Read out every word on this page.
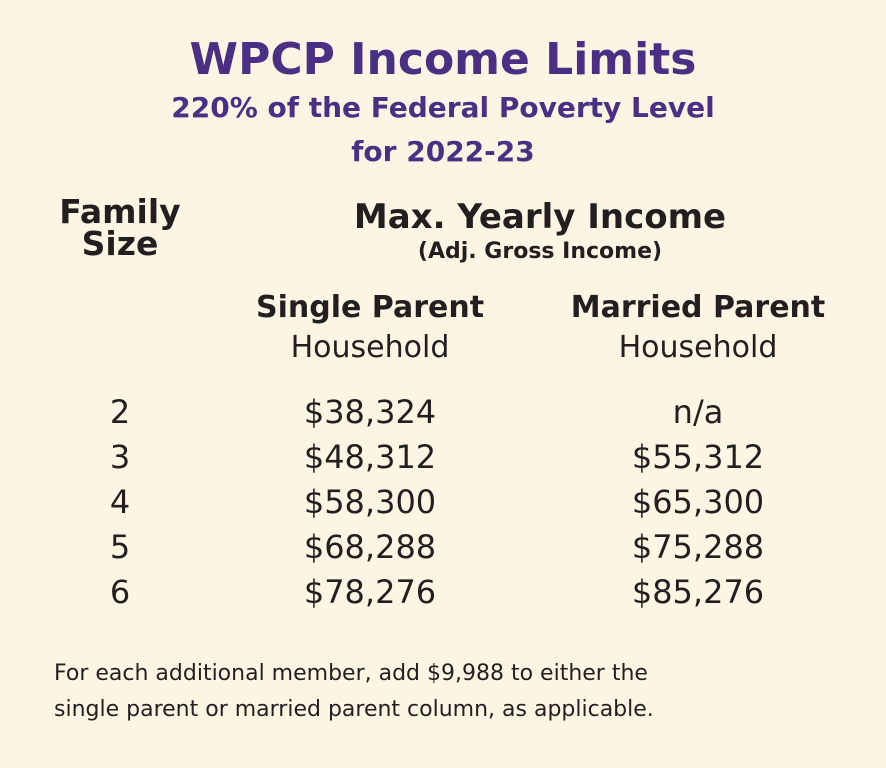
WPCP Income Limits
220% of the Federal Poverty Level
for 2022-23
Family
Size
Max. Yearly Income
(Adj. Gross Income)
Single Parent
Household
Married Parent
Household
2	$38,324	n/a
3	$48,312	$55,312
4	$58,300	$65,300
5	$68,288	$75,288
6	$78,276	$85,276
For each additional member, add $9,988 to either the
single parent or married parent column, as applicable.
